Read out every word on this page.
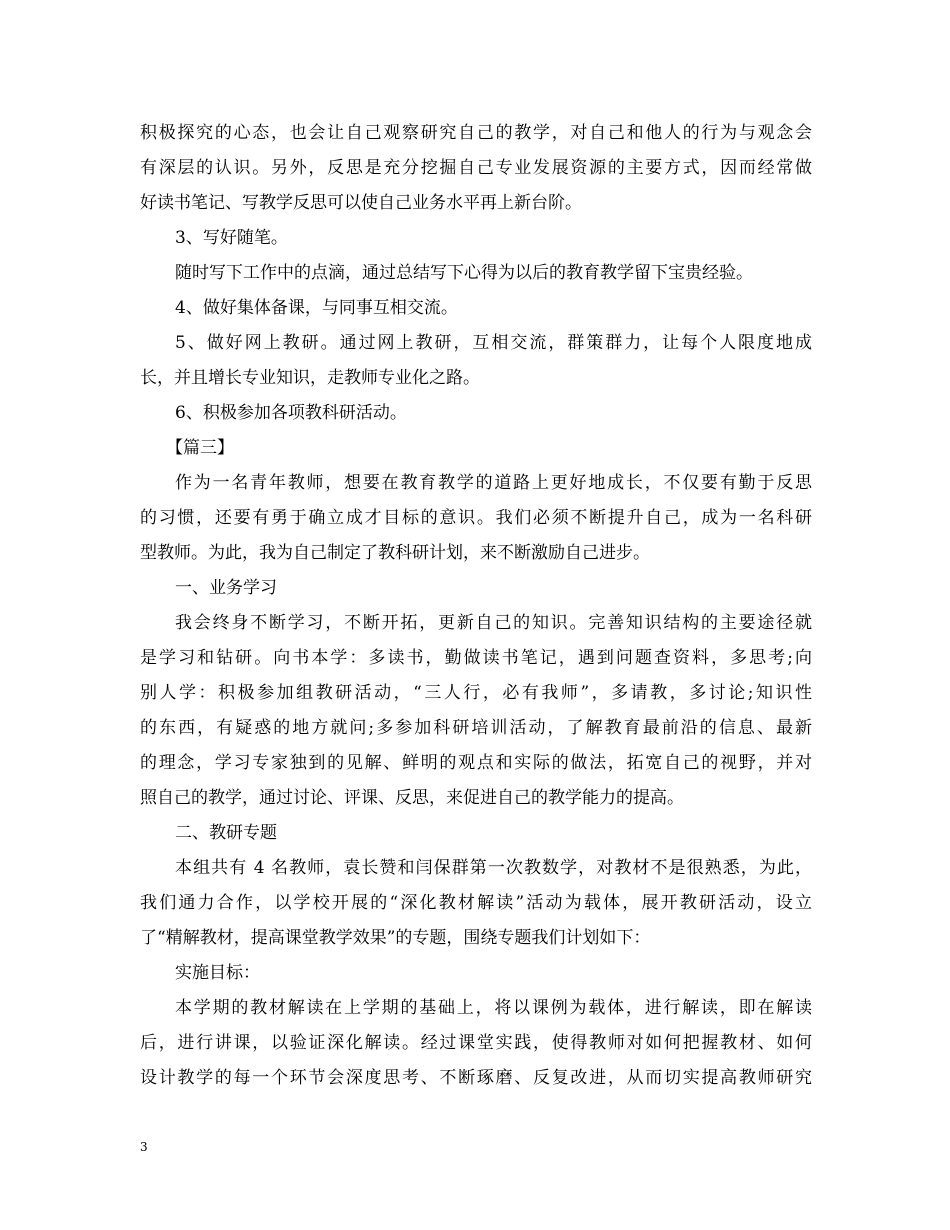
积极探究的心态，也会让自己观察研究自己的教学，对自己和他人的行为与观念会
有深层的认识。另外，反思是充分挖掘自己专业发展资源的主要方式，因而经常做
好读书笔记、写教学反思可以使自己业务水平再上新台阶。
3、写好随笔。
随时写下工作中的点滴，通过总结写下心得为以后的教育教学留下宝贵经验。
4、做好集体备课，与同事互相交流。
5、做好网上教研。通过网上教研，互相交流，群策群力，让每个人限度地成
长，并且增长专业知识，走教师专业化之路。
6、积极参加各项教科研活动。
【篇三】
作为一名青年教师，想要在教育教学的道路上更好地成长，不仅要有勤于反思
的习惯，还要有勇于确立成才目标的意识。我们必须不断提升自己，成为一名科研
型教师。为此，我为自己制定了教科研计划，来不断激励自己进步。
一、业务学习
我会终身不断学习，不断开拓，更新自己的知识。完善知识结构的主要途径就
是学习和钻研。向书本学：多读书，勤做读书笔记，遇到问题查资料，多思考;向
别人学：积极参加组教研活动，“三人行，必有我师”，多请教，多讨论;知识性
的东西，有疑惑的地方就问;多参加科研培训活动，了解教育最前沿的信息、最新
的理念，学习专家独到的见解、鲜明的观点和实际的做法，拓宽自己的视野，并对
照自己的教学，通过讨论、评课、反思，来促进自己的教学能力的提高。
二、教研专题
本组共有 4 名教师，袁长赞和闫保群第一次教数学，对教材不是很熟悉，为此，
我们通力合作，以学校开展的“深化教材解读”活动为载体，展开教研活动，设立
了“精解教材，提高课堂教学效果”的专题，围绕专题我们计划如下：
实施目标：
本学期的教材解读在上学期的基础上，将以课例为载体，进行解读，即在解读
后，进行讲课，以验证深化解读。经过课堂实践，使得教师对如何把握教材、如何
设计教学的每一个环节会深度思考、不断琢磨、反复改进，从而切实提高教师研究
3
